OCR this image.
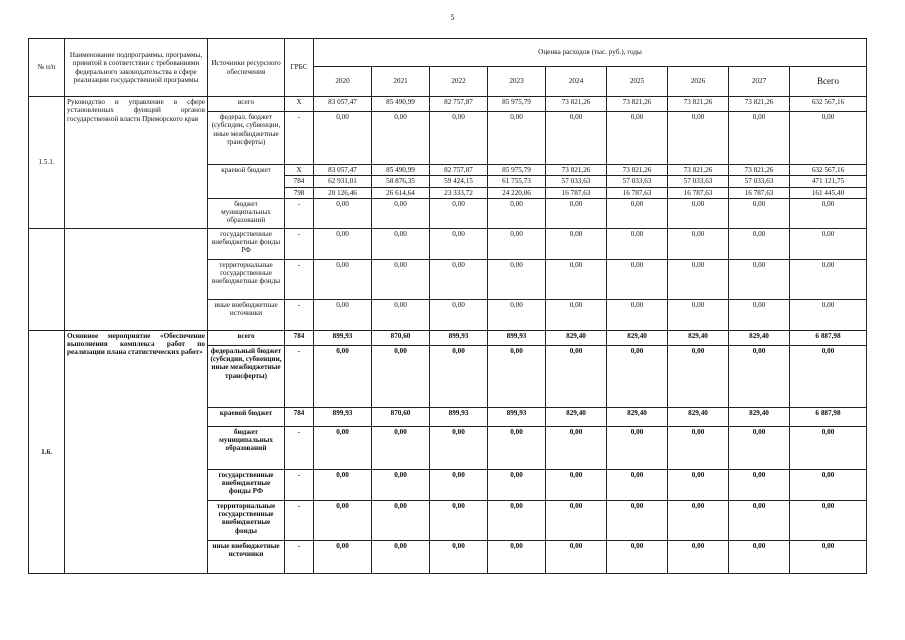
5
№ п/п	Наименование подпрограммы, программы, принятой в соответствии с требованиями федерального законодательства в сфере реализации государственной программы	Источники ресурсного обеспечения	ГРБС	Оценка расходов (тыс. руб.), годы								
				2020	2021	2022	2023	2024	2025	2026	2027	Всего
1.5.1.	Руководство и управление в сфере установленных функций органов государственной власти Приморского края	всего	Х	83 057,47	85 490,99	82 757,87	85 975,79	73 821,26	73 821,26	73 821,26	73 821,26	632 567,16
		федерал. бюджет (субсидии, субвенции, иные межбюджетные трансферты)	-	0,00	0,00	0,00	0,00	0,00	0,00	0,00	0,00	0,00
		краевой бюджет	Х	83 057,47	85 490,99	82 757,87	85 975,79	73 821,26	73 821,26	73 821,26	73 821,26	632 567,16
			784	62 931,01	58 876,35	59 424,15	61 755,73	57 033,63	57 033,63	57 033,63	57 033,63	471 121,75
			798	20 126,46	26 614,64	23 333,72	24 220,06	16 787,63	16 787,63	16 787,63	16 787,63	161 445,40
		бюджет муниципальных образований	-	0,00	0,00	0,00	0,00	0,00	0,00	0,00	0,00	0,00
		государственные внебюджетные фонды РФ	-	0,00	0,00	0,00	0,00	0,00	0,00	0,00	0,00	0,00
		территориальные государственные внебюджетные фонды	-	0,00	0,00	0,00	0,00	0,00	0,00	0,00	0,00	0,00
		иные внебюджетные источники	-	0,00	0,00	0,00	0,00	0,00	0,00	0,00	0,00	0,00
1.6.	Основное мероприятие «Обеспечение выполнения комплекса работ по реализации плана статистических работ»	всего	784	899,93	870,60	899,93	899,93	829,40	829,40	829,40	829,40	6 887,98
		федеральный бюджет (субсидии, субвенции, иные межбюджетные трансферты)	-	0,00	0,00	0,00	0,00	0,00	0,00	0,00	0,00	0,00
		краевой бюджет	784	899,93	870,60	899,93	899,93	829,40	829,40	829,40	829,40	6 887,98
		бюджет муниципальных образований	-	0,00	0,00	0,00	0,00	0,00	0,00	0,00	0,00	0,00
		государственные внебюджетные фонды РФ	-	0,00	0,00	0,00	0,00	0,00	0,00	0,00	0,00	0,00
		территориальные государственные внебюджетные фонды	-	0,00	0,00	0,00	0,00	0,00	0,00	0,00	0,00	0,00
		иные внебюджетные источники	-	0,00	0,00	0,00	0,00	0,00	0,00	0,00	0,00	0,00
